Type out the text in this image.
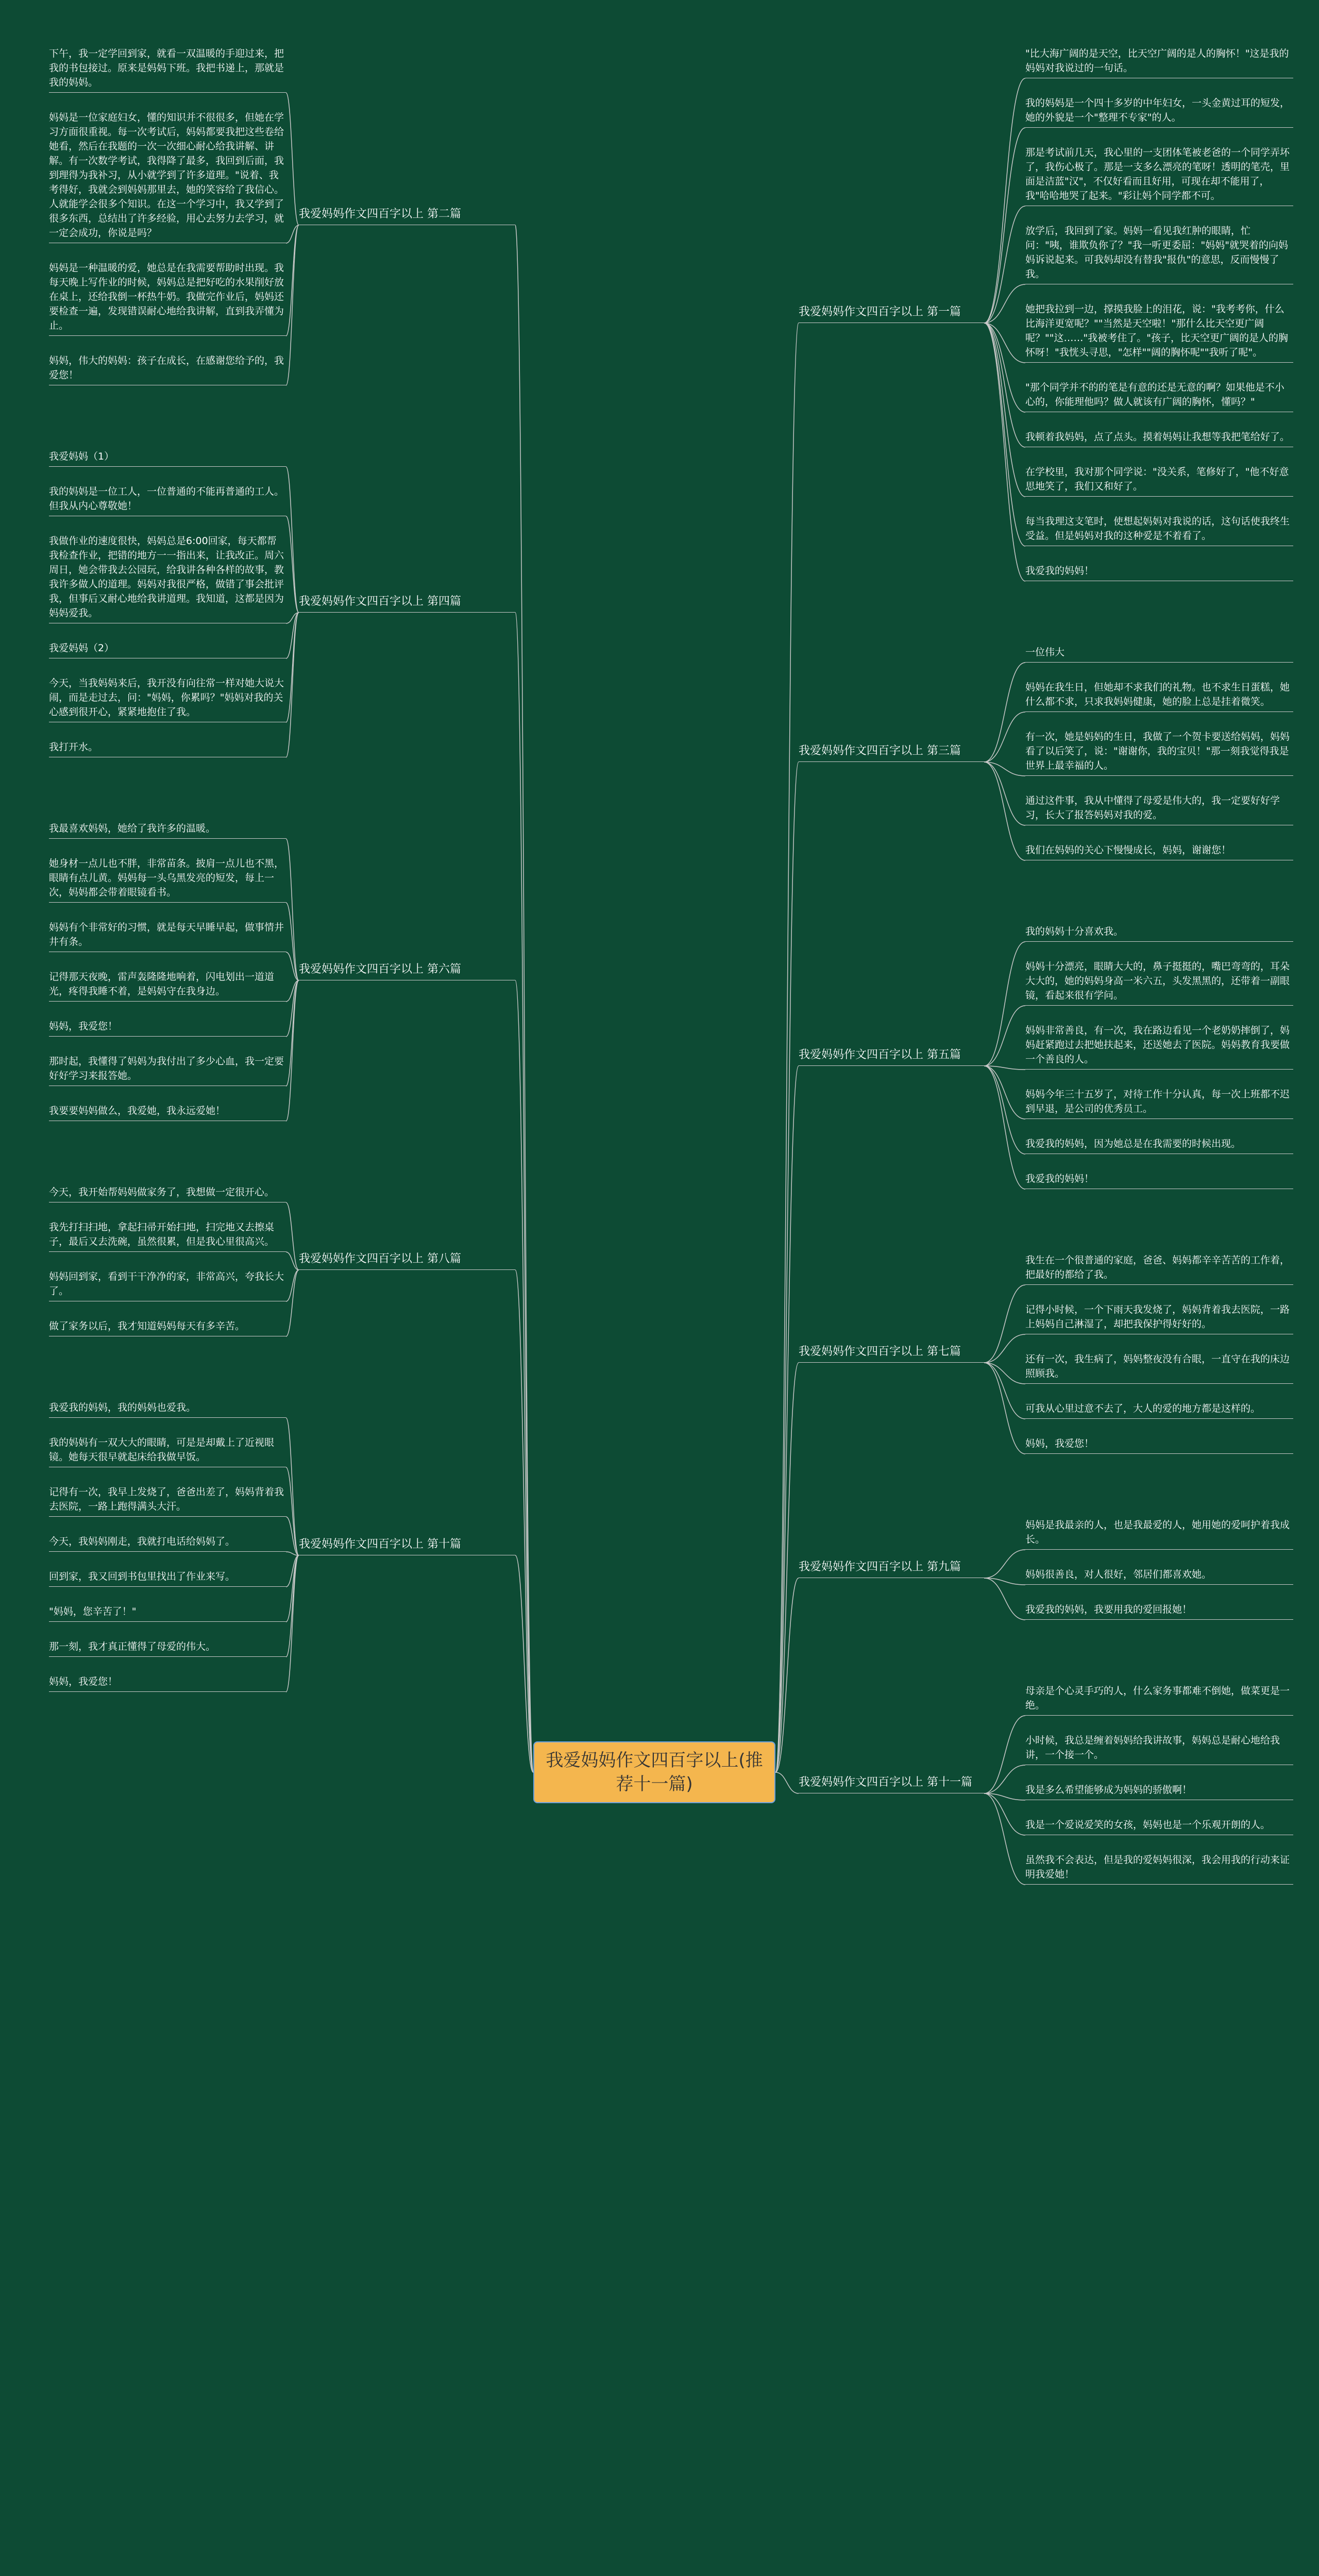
我爱妈妈作文四百字以上(推荐十一篇)
"比大海广阔的是天空，比天空广阔的是人的胸怀！"这是我的妈妈对我说过的一句话。
我的妈妈是一个四十多岁的中年妇女，一头金黄过耳的短发，她的外貌是一个"整理不专家"的人。
那是考试前几天，我心里的一支团体笔被老爸的一个同学弄坏了，我伤心极了。那是一支多么漂亮的笔呀！透明的笔壳，里面是洁蓝"汉"，不仅好看而且好用，可现在却不能用了，我"哈哈地哭了起来。"彩让妈个同学都不可。
放学后，我回到了家。妈妈一看见我红肿的眼睛，忙问："咦，谁欺负你了？"我一听更委屈："妈妈"就哭着的向妈妈诉说起来。可我妈却没有替我"报仇"的意思，反而慢慢了我。
她把我拉到一边，撑摸我脸上的泪花，说："我考考你，什么比海洋更宽呢？""当然是天空啦！"那什么比天空更广阔呢？""这……"我被考住了。"孩子，比天空更广阔的是人的胸怀呀！"我恍头寻思，"怎样""阔的胸怀呢""我听了呢"。
"那个同学并不的的笔是有意的还是无意的啊？如果他是不小心的，你能理他吗？做人就该有广阔的胸怀，懂吗？"
我顿着我妈妈，点了点头。摸着妈妈让我想等我把笔给好了。
在学校里，我对那个同学说："没关系，笔修好了，"他不好意思地笑了，我们又和好了。
每当我理这支笔时，使想起妈妈对我说的话，这句话使我终生受益。但是妈妈对我的这种爱是不着看了。
我爱我的妈妈！
我爱妈妈作文四百字以上 第一篇
下午，我一定学回到家，就看一双温暖的手迎过来，把我的书包接过。原来是妈妈下班。我把书递上，那就是我的妈妈。
妈妈是一位家庭妇女，懂的知识并不很很多，但她在学习方面很重视。每一次考试后，妈妈都要我把这些卷给她看，然后在我题的一次一次细心耐心给我讲解、讲解。有一次数学考试，我得降了最多，我回到后面，我到理得为我补习，从小就学到了许多道理。"说着、我考得好，我就会到妈妈那里去，她的笑容给了我信心。人就能学会很多个知识。在这一个学习中，我又学到了很多东西，总结出了许多经验，用心去努力去学习，就一定会成功，你说是吗？
妈妈是一种温暖的爱，她总是在我需要帮助时出现。我每天晚上写作业的时候，妈妈总是把好吃的水果削好放在桌上，还给我倒一杯热牛奶。我做完作业后，妈妈还要检查一遍，发现错误耐心地给我讲解，直到我弄懂为止。
妈妈，伟大的妈妈：孩子在成长，在感谢您给予的，我爱您！
我爱妈妈作文四百字以上 第二篇
一位伟大
妈妈在我生日，但她却不求我们的礼物。也不求生日蛋糕，她什么都不求，只求我妈妈健康，她的脸上总是挂着微笑。
有一次，她是妈妈的生日，我做了一个贺卡要送给妈妈，妈妈看了以后笑了，说："谢谢你，我的宝贝！"那一刻我觉得我是世界上最幸福的人。
通过这件事，我从中懂得了母爱是伟大的，我一定要好好学习，长大了报答妈妈对我的爱。
我们在妈妈的关心下慢慢成长，妈妈，谢谢您！
我爱妈妈作文四百字以上 第三篇
我爱妈妈（1）
我的妈妈是一位工人，一位普通的不能再普通的工人。但我从内心尊敬她！
我做作业的速度很快，妈妈总是6:00回家，每天都帮我检查作业，把错的地方一一指出来，让我改正。周六周日，她会带我去公园玩，给我讲各种各样的故事，教我许多做人的道理。妈妈对我很严格，做错了事会批评我，但事后又耐心地给我讲道理。我知道，这都是因为妈妈爱我。
我爱妈妈（2）
今天，当我妈妈来后，我开没有向往常一样对她大说大闹，而是走过去，问："妈妈，你累吗？"妈妈对我的关心感到很开心，紧紧地抱住了我。
我打开水。
我爱妈妈作文四百字以上 第四篇
我的妈妈十分喜欢我。
妈妈十分漂亮，眼睛大大的，鼻子挺挺的，嘴巴弯弯的，耳朵大大的，她的妈妈身高一米六五，头发黑黑的，还带着一副眼镜，看起来很有学问。
妈妈非常善良，有一次，我在路边看见一个老奶奶摔倒了，妈妈赶紧跑过去把她扶起来，还送她去了医院。妈妈教育我要做一个善良的人。
妈妈今年三十五岁了，对待工作十分认真，每一次上班都不迟到早退，是公司的优秀员工。
我爱我的妈妈，因为她总是在我需要的时候出现。
我爱我的妈妈！
我爱妈妈作文四百字以上 第五篇
我最喜欢妈妈，她给了我许多的温暖。
她身材一点儿也不胖，非常苗条。披肩一点儿也不黑，眼睛有点儿黄。妈妈每一头乌黑发亮的短发，每上一次，妈妈都会带着眼镜看书。
妈妈有个非常好的习惯，就是每天早睡早起，做事情井井有条。
记得那天夜晚，雷声轰隆隆地响着，闪电划出一道道光，疼得我睡不着，是妈妈守在我身边。
妈妈，我爱您！
那时起，我懂得了妈妈为我付出了多少心血，我一定要好好学习来报答她。
我要要妈妈做么，我爱她，我永远爱她！
我爱妈妈作文四百字以上 第六篇
我生在一个很普通的家庭，爸爸、妈妈都辛辛苦苦的工作着，把最好的都给了我。
记得小时候，一个下雨天我发烧了，妈妈背着我去医院，一路上妈妈自己淋湿了，却把我保护得好好的。
还有一次，我生病了，妈妈整夜没有合眼，一直守在我的床边照顾我。
可我从心里过意不去了，大人的爱的地方都是这样的。
妈妈，我爱您！
我爱妈妈作文四百字以上 第七篇
今天，我开始帮妈妈做家务了，我想做一定很开心。
我先打扫扫地，拿起扫帚开始扫地，扫完地又去擦桌子，最后又去洗碗，虽然很累，但是我心里很高兴。
妈妈回到家，看到干干净净的家，非常高兴，夸我长大了。
做了家务以后，我才知道妈妈每天有多辛苦。
我爱妈妈作文四百字以上 第八篇
妈妈是我最亲的人，也是我最爱的人，她用她的爱呵护着我成长。
妈妈很善良，对人很好，邻居们都喜欢她。
我爱我的妈妈，我要用我的爱回报她！
我爱妈妈作文四百字以上 第九篇
我爱我的妈妈，我的妈妈也爱我。
我的妈妈有一双大大的眼睛，可是是却戴上了近视眼镜。她每天很早就起床给我做早饭。
记得有一次，我早上发烧了，爸爸出差了，妈妈背着我去医院，一路上跑得满头大汗。
今天，我妈妈刚走，我就打电话给妈妈了。
回到家，我又回到书包里找出了作业来写。
"妈妈，您辛苦了！"
那一刻，我才真正懂得了母爱的伟大。
妈妈，我爱您！
我爱妈妈作文四百字以上 第十篇
母亲是个心灵手巧的人，什么家务事都难不倒她，做菜更是一绝。
小时候，我总是缠着妈妈给我讲故事，妈妈总是耐心地给我讲，一个接一个。
我是多么希望能够成为妈妈的骄傲啊！
我是一个爱说爱笑的女孩，妈妈也是一个乐观开朗的人。
虽然我不会表达，但是我的爱妈妈很深，我会用我的行动来证明我爱她！
我爱妈妈作文四百字以上 第十一篇
